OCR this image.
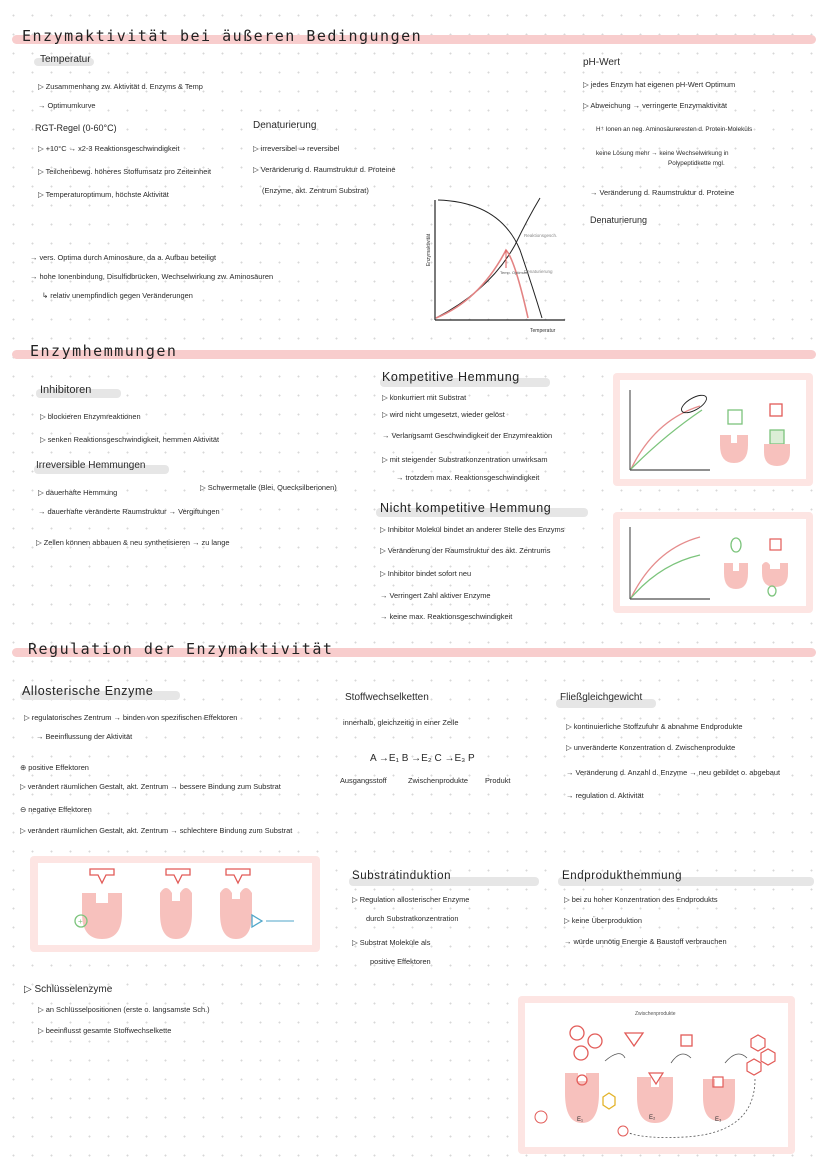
Enzymaktivität bei äußeren Bedingungen
Temperatur
▷ Zusammenhang zw. Aktivität d. Enzyms & Temp
→ Optimumkurve
RGT-Regel (0-60°C)
▷ +10°C → x2-3 Reaktionsgeschwindigkeit
▷ Teilchenbewg. höheres Stoffumsatz pro Zeiteinheit
▷ Temperaturoptimum, höchste Aktivität
→ vers. Optima durch Aminosäure, da a. Aufbau beteiligt
→ hohe Ionenbindung, Disulfidbrücken, Wechselwirkung zw. Aminosäuren
↳ relativ unempfindlich gegen Veränderungen
Denaturierung
▷ irreversibel ⇒ reversibel
▷ Veränderung d. Raumstruktur d. Proteine
(Enzyme, akt. Zentrum Substrat)
Enzymaktivität
Temperatur
Reaktionsgesch.
Denaturierung
Temp. Optimum
pH-Wert
▷ jedes Enzym hat eigenen pH-Wert Optimum
▷ Abweichung → verringerte Enzymaktivität
H⁺ Ionen an neg. Aminosäureresten d. Protein-Moleküls
keine Lösung mehr → keine Wechselwirkung in
Polypeptidkette mgl.
→ Veränderung d. Raumstruktur d. Proteine
Denaturierung
Enzymhemmungen
Inhibitoren
▷ blockieren Enzymreaktionen
▷ senken Reaktionsgeschwindigkeit, hemmen Aktivität
Irreversible Hemmungen
▷ dauerhafte Hemmung
▷ Schwermetalle (Blei, Quecksilberionen)
→ dauerhafte veränderte Raumstruktur → Vergiftungen
▷ Zellen können abbauen & neu synthetisieren → zu lange
Kompetitive Hemmung
▷ konkurriert mit Substrat
▷ wird nicht umgesetzt, wieder gelöst
→ Verlangsamt Geschwindigkeit der Enzymreaktion
▷ mit steigender Substratkonzentration unwirksam
→ trotzdem max. Reaktionsgeschwindigkeit
Nicht kompetitive Hemmung
▷ Inhibitor Molekül bindet an anderer Stelle des Enzyms
▷ Veränderung der Raumstruktur des akt. Zentrums
▷ Inhibitor bindet sofort neu
→ Verringert Zahl aktiver Enzyme
→ keine max. Reaktionsgeschwindigkeit
Regulation der Enzymaktivität
Allosterische Enzyme
▷ regulatorisches Zentrum → binden von spezifischen Effektoren
→ Beeinflussung der Aktivität
⊕ positive Effektoren
▷ verändert räumlichen Gestalt, akt. Zentrum → bessere Bindung zum Substrat
⊖ negative Effektoren
▷ verändert räumlichen Gestalt, akt. Zentrum → schlechtere Bindung zum Substrat
+
▷ Schlüsselenzyme
▷ an Schlüsselpositionen (erste o. langsamste Sch.)
▷ beeinflusst gesamte Stoffwechselkette
Stoffwechselketten
innerhalb, gleichzeitig in einer Zelle
A →E₁ B →E₂ C →E₃ P
Ausgangsstoff	Zwischenprodukte Produkt
Fließgleichgewicht
▷ kontinuierliche Stoffzufuhr & abnahme Endprodukte
▷ unveränderte Konzentration d. Zwischenprodukte
→ Veränderung d. Anzahl d. Enzyme → neu gebildet o. abgebaut
→ regulation d. Aktivität
Substratinduktion
▷ Regulation allosterischer Enzyme
durch Substratkonzentration
▷ Substrat Moleküle als
positive Effektoren
Endprodukthemmung
▷ bei zu hoher Konzentration des Endprodukts
▷ keine Überproduktion
→ würde unnötig Energie & Baustoff verbrauchen
Zwischenprodukte
E₁	E₂	E₃
